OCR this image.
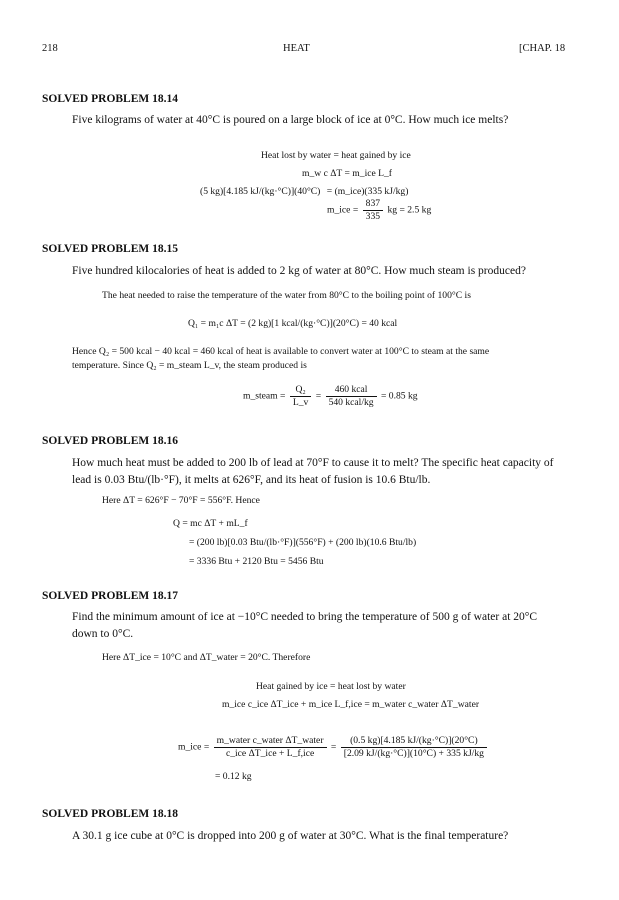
218	HEAT	[CHAP. 18
SOLVED PROBLEM 18.14
Five kilograms of water at 40°C is poured on a large block of ice at 0°C. How much ice melts?
Heat lost by water = heat gained by ice
m_w c ΔT = m_ice L_f
(5 kg)[4.185 kJ/(kg·°C)](40°C) = (m_ice)(335 kJ/kg)
m_ice = $\frac{837}{335}$ kg = 2.5 kg
SOLVED PROBLEM 18.15
Five hundred kilocalories of heat is added to 2 kg of water at 80°C. How much steam is produced?
The heat needed to raise the temperature of the water from 80°C to the boiling point of 100°C is
Q₁ = m₁c ΔT = (2 kg)[1 kcal/(kg·°C)](20°C) = 40 kcal
Hence Q₂ = 500 kcal − 40 kcal = 460 kcal of heat is available to convert water at 100°C to steam at the same
temperature. Since Q₂ = m_steam L_v, the steam produced is
m_steam = $\frac{\text{Q₂}}{L\_v} = \frac{\text{460 kcal}}{\text{540 kcal/kg}} = 0.85$ kg
SOLVED PROBLEM 18.16
How much heat must be added to 200 lb of lead at 70°F to cause it to melt? The specific heat capacity of
lead is 0.03 Btu/(lb·°F), it melts at 626°F, and its heat of fusion is 10.6 Btu/lb.
Here ΔT = 626°F − 70°F = 556°F. Hence
Q = mc ΔT + mL_f
= (200 lb)[0.03 Btu/(lb·°F)](556°F) + (200 lb)(10.6 Btu/lb)
= 3336 Btu + 2120 Btu = 5456 Btu
SOLVED PROBLEM 18.17
Find the minimum amount of ice at −10°C needed to bring the temperature of 500 g of water at 20°C
down to 0°C.
Here ΔT_ice = 10°C and ΔT_water = 20°C. Therefore
Heat gained by ice = heat lost by water
m_ice c_ice ΔT_ice + m_ice L_f,ice = m_water c_water ΔT_water
m_ice = $\frac{\text{m\_water c\_water ΔT\_water}}{\text{c\_ice ΔT\_ice + L\_f,ice}} = \frac{(0.5 kg)[4.185 kJ/(kg\cdot^\circ C)](20^\circ C)}{[2.09 kJ/(kg\cdot^\circ C)](10^\circ C) + 335 kJ/kg}$
= 0.12 kg
SOLVED PROBLEM 18.18
A 30.1 g ice cube at 0°C is dropped into 200 g of water at 30°C. What is the final temperature?
